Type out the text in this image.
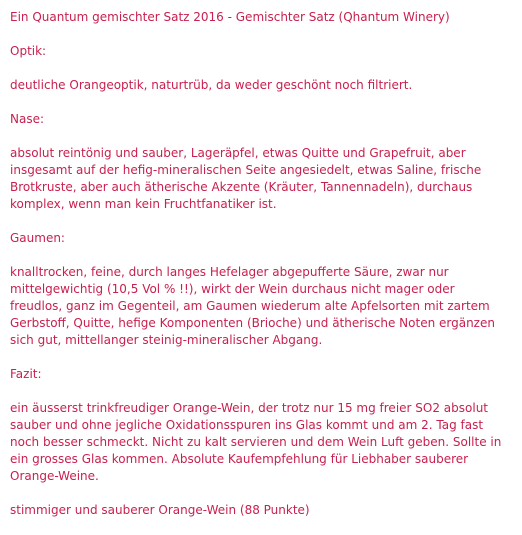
Ein Quantum gemischter Satz 2016 - Gemischter Satz (Qhantum Winery)

Optik:

deutliche Orangeoptik, naturtrüb, da weder geschönt noch filtriert.

Nase:

absolut reintönig und sauber, Lageräpfel, etwas Quitte und Grapefruit, aber insgesamt auf der hefig-mineralischen Seite angesiedelt, etwas Saline, frische Brotkruste, aber auch ätherische Akzente (Kräuter, Tannennadeln), durchaus komplex, wenn man kein Fruchtfanatiker ist.

Gaumen:

knalltrocken, feine, durch langes Hefelager abgepufferte Säure, zwar nur mittelgewichtig (10,5 Vol % !!), wirkt der Wein durchaus nicht mager oder freudlos, ganz im Gegenteil, am Gaumen wiederum alte Apfelsorten mit zartem Gerbstoff, Quitte, hefige Komponenten (Brioche) und ätherische Noten ergänzen sich gut, mittellanger steinig-mineralischer Abgang.

Fazit:

ein äusserst trinkfreudiger Orange-Wein, der trotz nur 15 mg freier SO2 absolut sauber und ohne jegliche Oxidationsspuren ins Glas kommt und am 2. Tag fast noch besser schmeckt. Nicht zu kalt servieren und dem Wein Luft geben. Sollte in ein grosses Glas kommen. Absolute Kaufempfehlung für Liebhaber sauberer Orange-Weine.

stimmiger und sauberer Orange-Wein (88 Punkte)
